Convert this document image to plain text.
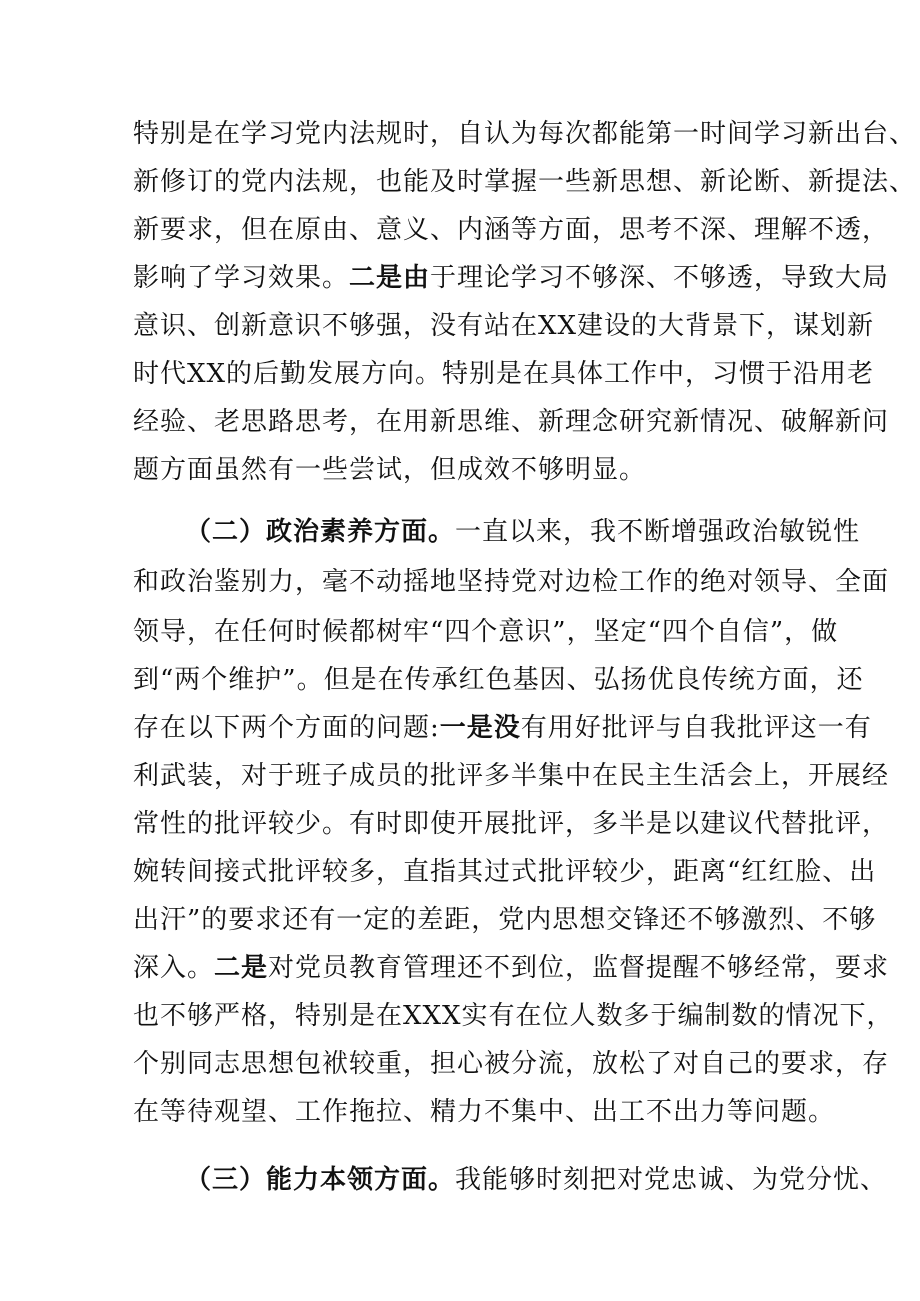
特别是在学习党内法规时，自认为每次都能第一时间学习新出台、
新修订的党内法规，也能及时掌握一些新思想、新论断、新提法、
新要求，但在原由、意义、内涵等方面，思考不深、理解不透，
影响了学习效果。二是由于理论学习不够深、不够透，导致大局
意识、创新意识不够强，没有站在XX建设的大背景下，谋划新
时代XX的后勤发展方向。特别是在具体工作中，习惯于沿用老
经验、老思路思考，在用新思维、新理念研究新情况、破解新问
题方面虽然有一些尝试，但成效不够明显。
（二）政治素养方面。一直以来，我不断增强政治敏锐性
和政治鉴别力，毫不动摇地坚持党对边检工作的绝对领导、全面
领导，在任何时候都树牢“四个意识”，坚定“四个自信”，做
到“两个维护”。但是在传承红色基因、弘扬优良传统方面，还
存在以下两个方面的问题:一是没有用好批评与自我批评这一有
利武装，对于班子成员的批评多半集中在民主生活会上，开展经
常性的批评较少。有时即使开展批评，多半是以建议代替批评，
婉转间接式批评较多，直指其过式批评较少，距离“红红脸、出
出汗”的要求还有一定的差距，党内思想交锋还不够激烈、不够
深入。二是对党员教育管理还不到位，监督提醒不够经常，要求
也不够严格，特别是在XXX实有在位人数多于编制数的情况下，
个别同志思想包袱较重，担心被分流，放松了对自己的要求，存
在等待观望、工作拖拉、精力不集中、出工不出力等问题。
（三）能力本领方面。我能够时刻把对党忠诚、为党分忧、
